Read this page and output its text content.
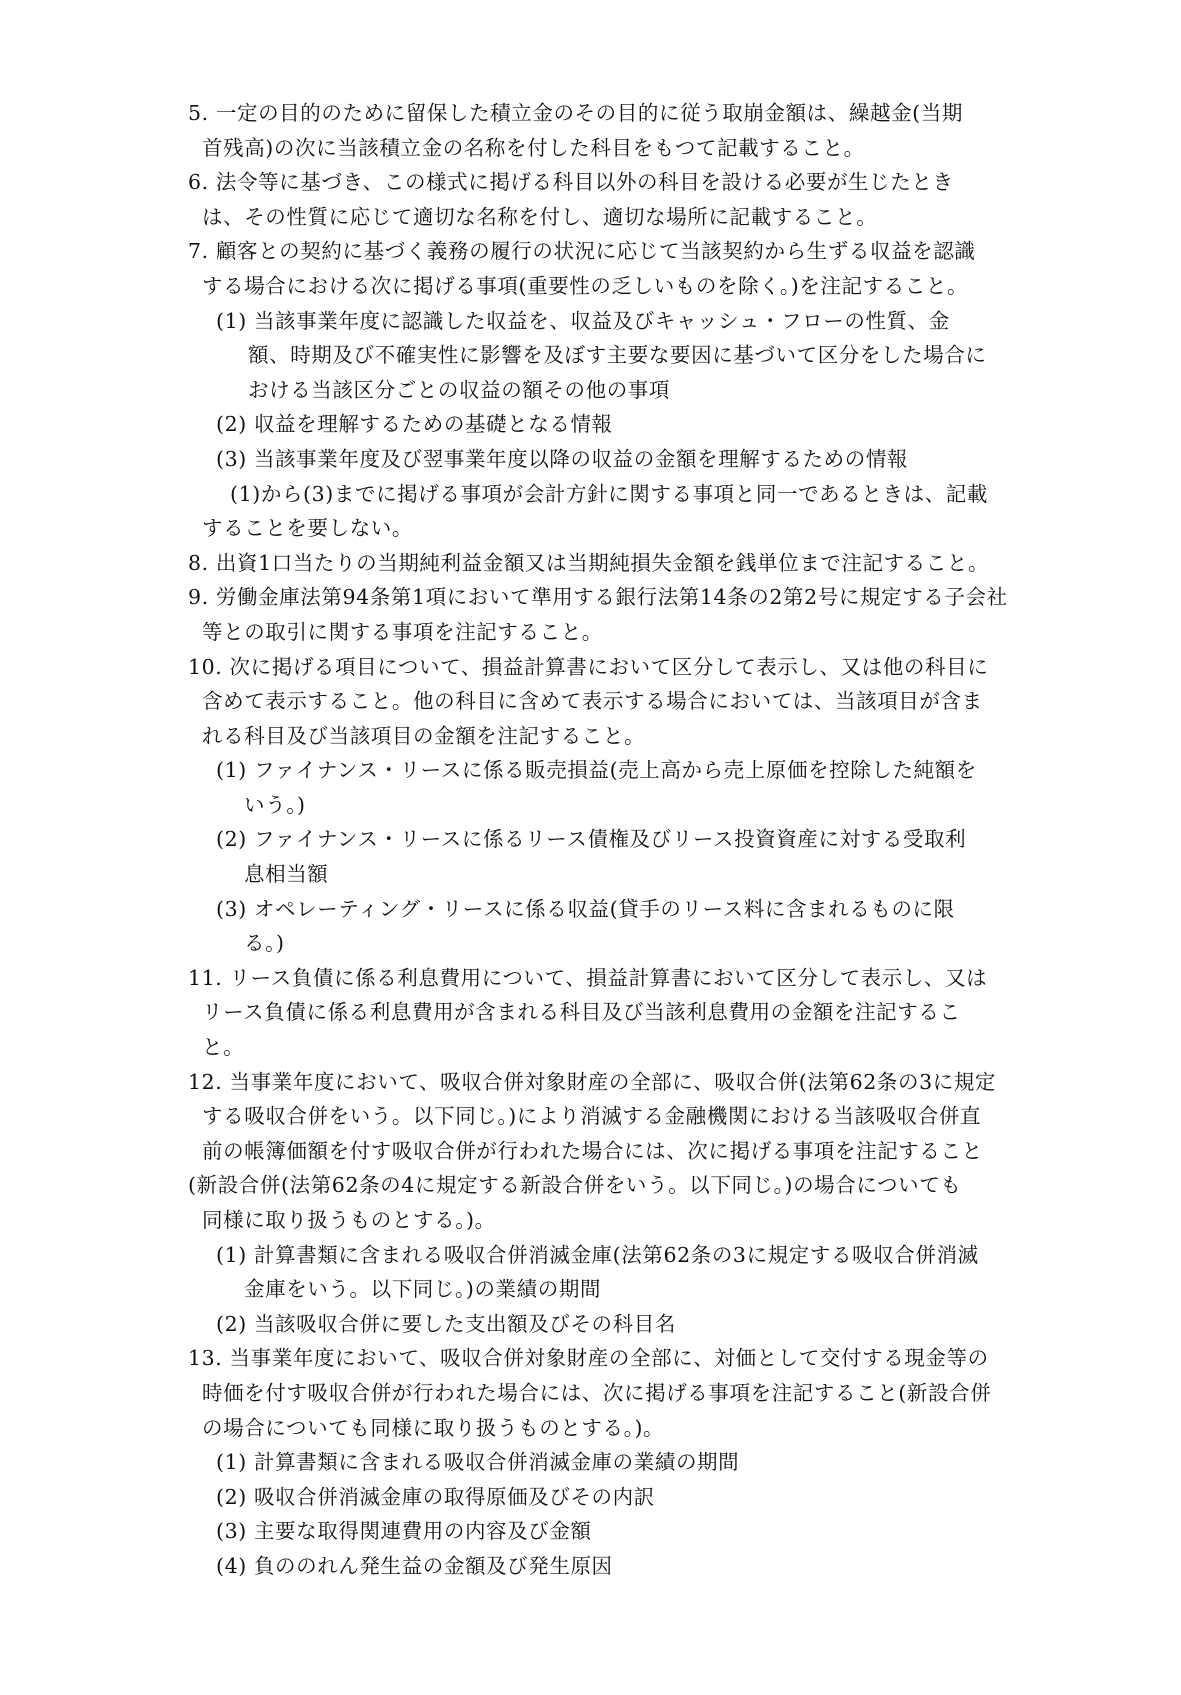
5. 一定の目的のために留保した積立金のその目的に従う取崩金額は、繰越金(当期
首残高)の次に当該積立金の名称を付した科目をもつて記載すること。
6. 法令等に基づき、この様式に掲げる科目以外の科目を設ける必要が生じたとき
は、その性質に応じて適切な名称を付し、適切な場所に記載すること。
7. 顧客との契約に基づく義務の履行の状況に応じて当該契約から生ずる収益を認識
する場合における次に掲げる事項(重要性の乏しいものを除く。)を注記すること。
(1) 当該事業年度に認識した収益を、収益及びキャッシュ・フローの性質、金
額、時期及び不確実性に影響を及ぼす主要な要因に基づいて区分をした場合に
おける当該区分ごとの収益の額その他の事項
(2) 収益を理解するための基礎となる情報
(3) 当該事業年度及び翌事業年度以降の収益の金額を理解するための情報
(1)から(3)までに掲げる事項が会計方針に関する事項と同一であるときは、記載
することを要しない。
8. 出資1口当たりの当期純利益金額又は当期純損失金額を銭単位まで注記すること。
9. 労働金庫法第94条第1項において準用する銀行法第14条の2第2号に規定する子会社
等との取引に関する事項を注記すること。
10. 次に掲げる項目について、損益計算書において区分して表示し、又は他の科目に
含めて表示すること。他の科目に含めて表示する場合においては、当該項目が含ま
れる科目及び当該項目の金額を注記すること。
(1) ファイナンス・リースに係る販売損益(売上高から売上原価を控除した純額を
いう。)
(2) ファイナンス・リースに係るリース債権及びリース投資資産に対する受取利
息相当額
(3) オペレーティング・リースに係る収益(貸手のリース料に含まれるものに限
る。)
11. リース負債に係る利息費用について、損益計算書において区分して表示し、又は
リース負債に係る利息費用が含まれる科目及び当該利息費用の金額を注記するこ
と。
12. 当事業年度において、吸収合併対象財産の全部に、吸収合併(法第62条の3に規定
する吸収合併をいう。以下同じ。)により消滅する金融機関における当該吸収合併直
前の帳簿価額を付す吸収合併が行われた場合には、次に掲げる事項を注記すること
(新設合併(法第62条の4に規定する新設合併をいう。以下同じ。)の場合についても
同様に取り扱うものとする。)。
(1) 計算書類に含まれる吸収合併消滅金庫(法第62条の3に規定する吸収合併消滅
金庫をいう。以下同じ。)の業績の期間
(2) 当該吸収合併に要した支出額及びその科目名
13. 当事業年度において、吸収合併対象財産の全部に、対価として交付する現金等の
時価を付す吸収合併が行われた場合には、次に掲げる事項を注記すること(新設合併
の場合についても同様に取り扱うものとする。)。
(1) 計算書類に含まれる吸収合併消滅金庫の業績の期間
(2) 吸収合併消滅金庫の取得原価及びその内訳
(3) 主要な取得関連費用の内容及び金額
(4) 負ののれん発生益の金額及び発生原因
